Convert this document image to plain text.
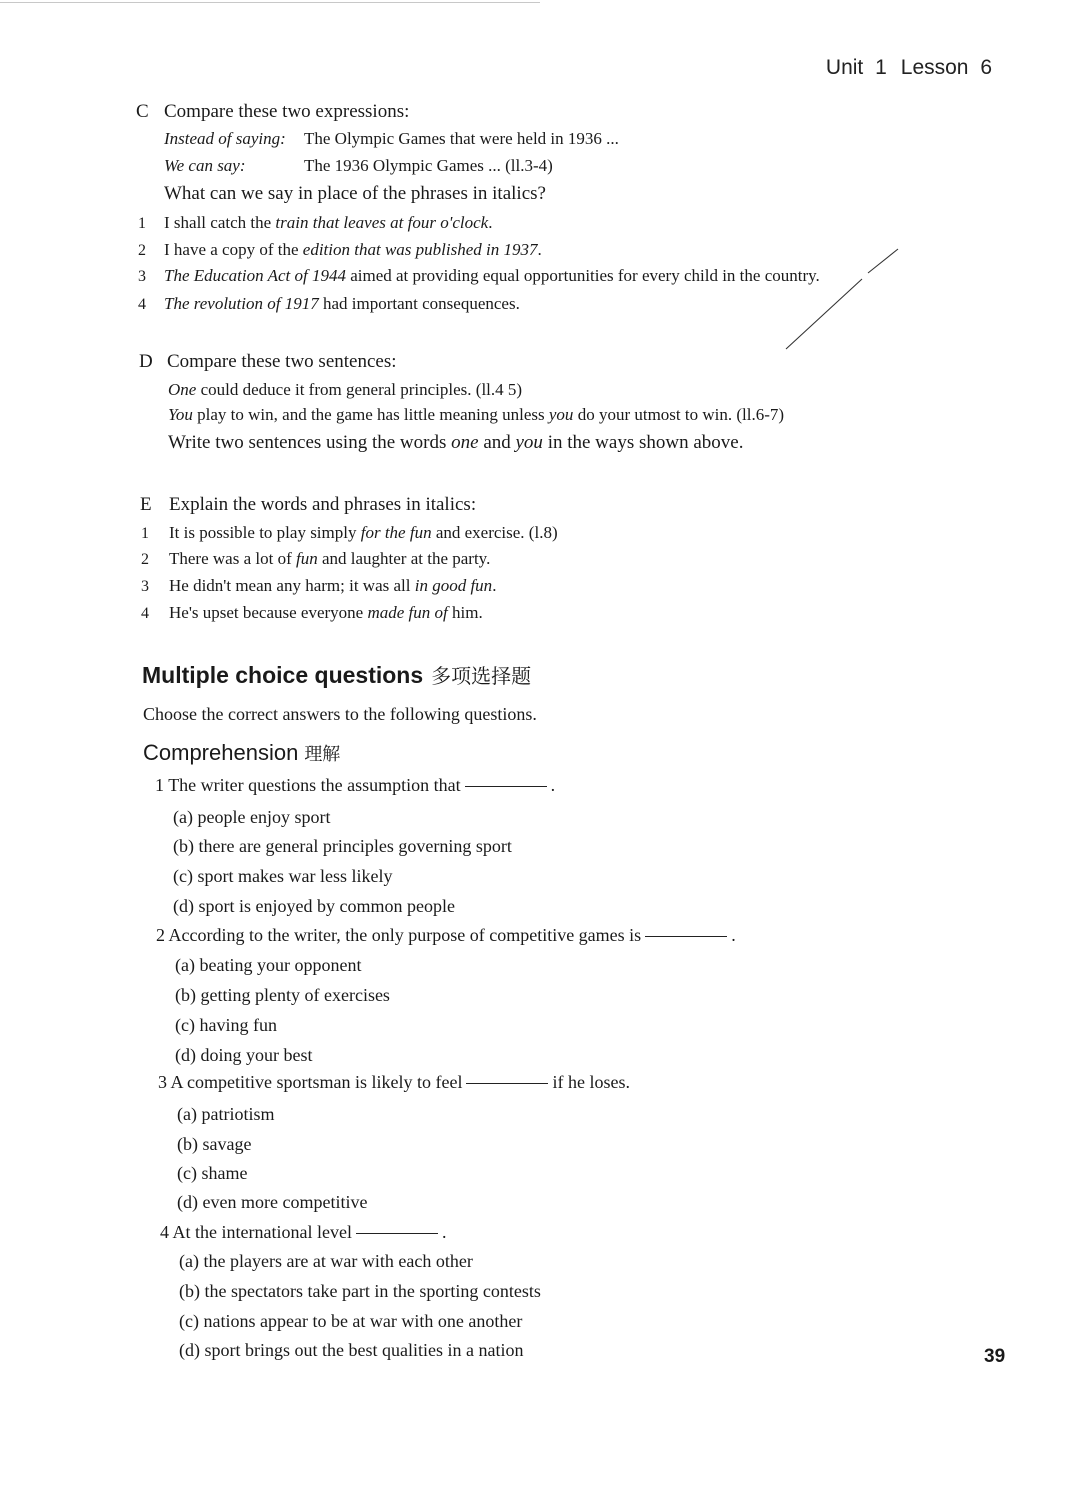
Unit 1 Lesson 6
C Compare these two expressions:
Instead of saying: The Olympic Games that were held in 1936 ...
We can say:	The 1936 Olympic Games ... (ll.3-4)
What can we say in place of the phrases in italics?
1 I shall catch the train that leaves at four o'clock.
2 I have a copy of the edition that was published in 1937.
3 The Education Act of 1944 aimed at providing equal opportunities for every child in the country.
4 The revolution of 1917 had important consequences.
D Compare these two sentences:
One could deduce it from general principles. (ll.4 5)
You play to win, and the game has little meaning unless you do your utmost to win. (ll.6-7)
Write two sentences using the words one and you in the ways shown above.
E Explain the words and phrases in italics:
1 It is possible to play simply for the fun and exercise. (l.8)
2 There was a lot of fun and laughter at the party.
3 He didn't mean any harm; it was all in good fun.
4 He's upset because everyone made fun of him.
Multiple choice questions 多项选择题
Choose the correct answers to the following questions.
Comprehension 理解
1 The writer questions the assumption that	.
(a) people enjoy sport
(b) there are general principles governing sport
(c) sport makes war less likely
(d) sport is enjoyed by common people
2 According to the writer, the only purpose of competitive games is	.
(a) beating your opponent
(b) getting plenty of exercises
(c) having fun
(d) doing your best
3 A competitive sportsman is likely to feel	if he loses.
(a) patriotism
(b) savage
(c) shame
(d) even more competitive
4 At the international level	.
(a) the players are at war with each other
(b) the spectators take part in the sporting contests
(c) nations appear to be at war with one another
(d) sport brings out the best qualities in a nation	39
